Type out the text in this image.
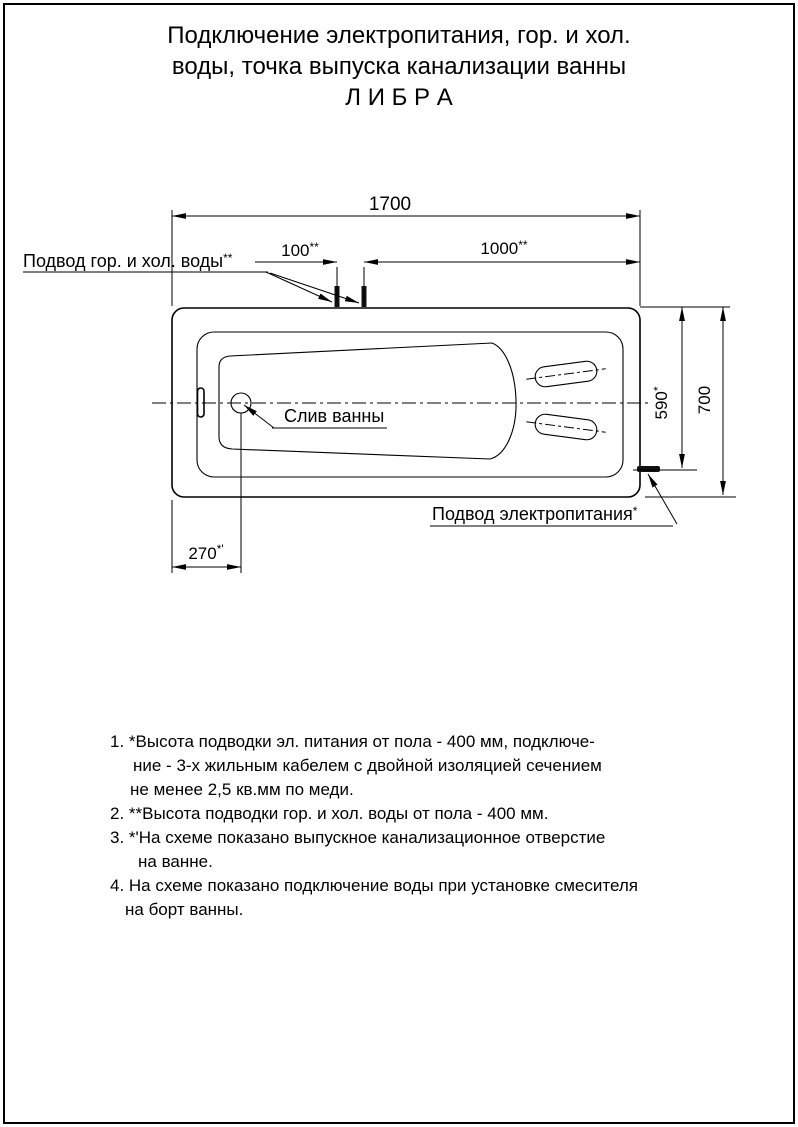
Подключение электропитания, гор. и хол.
воды, точка выпуска канализации ванны
Л И Б Р А
1700
100**	1000**
590*	700
270*'
Подвод гор. и хол. воды**
Слив ванны
Подвод электропитания*
1. *Высота подводки эл. питания от пола - 400 мм, подключе-
ние - 3-х жильным кабелем с двойной изоляцией сечением
не менее 2,5 кв.мм по меди.
2. **Высота подводки гор. и хол. воды от пола - 400 мм.
3. *'На схеме показано выпускное канализационное отверстие
на ванне.
4. На схеме показано подключение воды при установке смесителя
на борт ванны.
